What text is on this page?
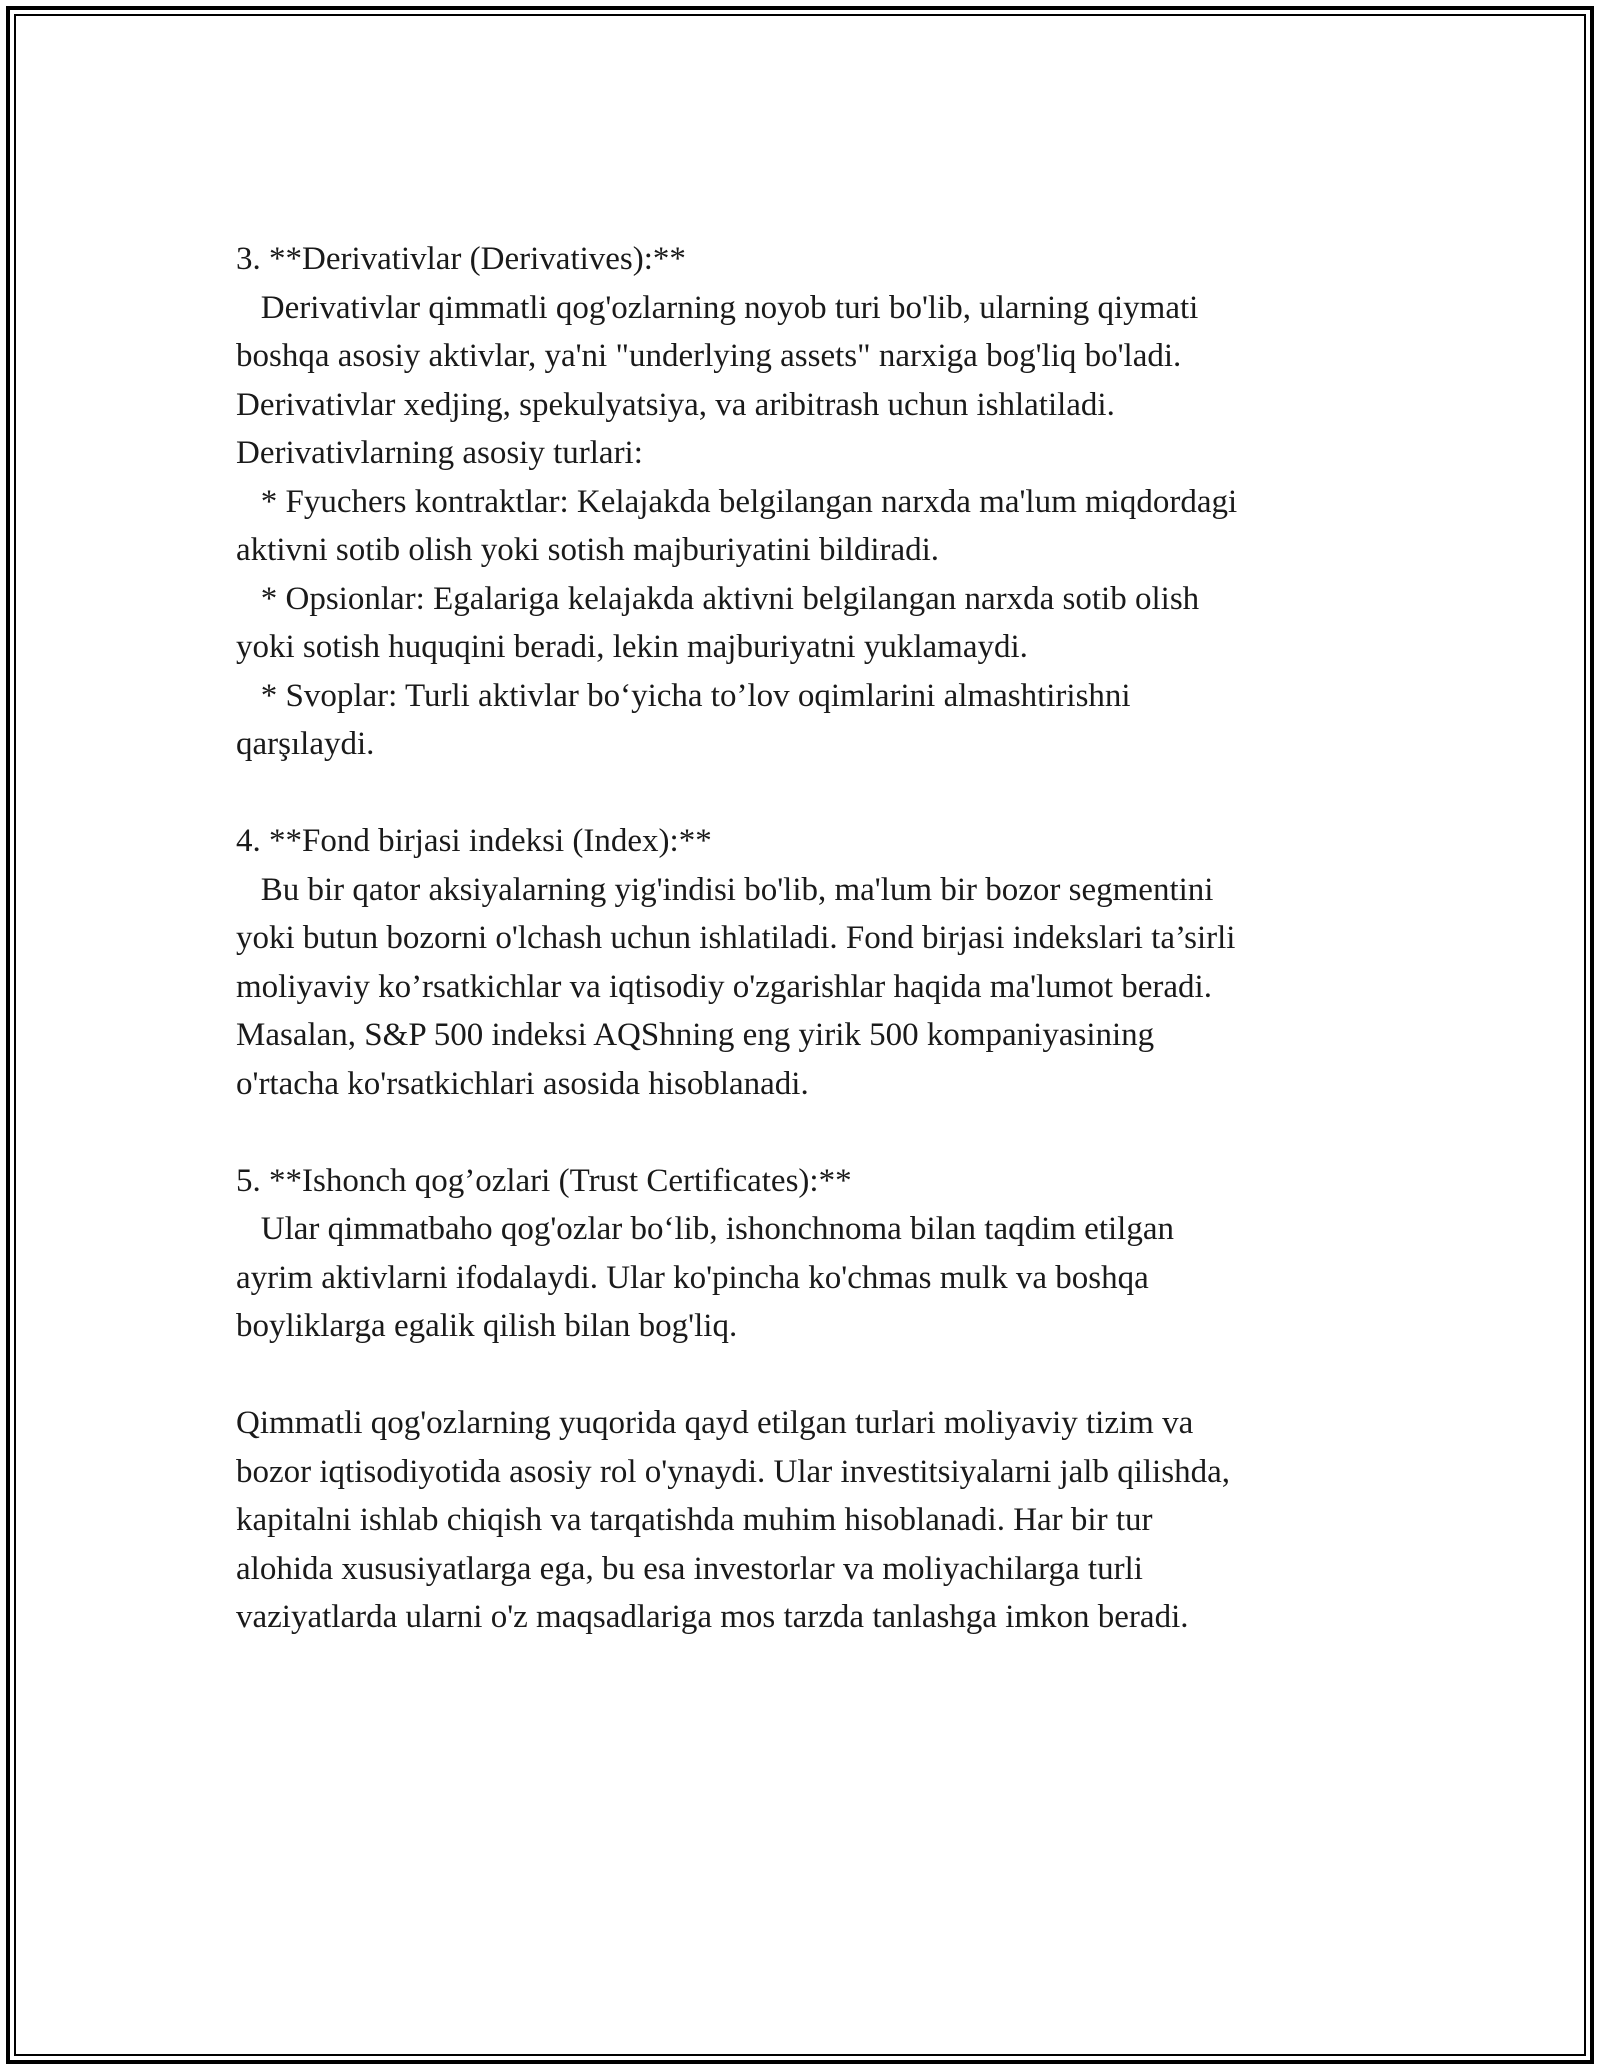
3. **Derivativlar (Derivatives):**
Derivativlar qimmatli qog'ozlarning noyob turi bo'lib, ularning qiymati
boshqa asosiy aktivlar, ya'ni "underlying assets" narxiga bog'liq bo'ladi.
Derivativlar xedjing, spekulyatsiya, va aribitrash uchun ishlatiladi.
Derivativlarning asosiy turlari:
* Fyuchers kontraktlar: Kelajakda belgilangan narxda ma'lum miqdordagi
aktivni sotib olish yoki sotish majburiyatini bildiradi.
* Opsionlar: Egalariga kelajakda aktivni belgilangan narxda sotib olish
yoki sotish huquqini beradi, lekin majburiyatni yuklamaydi.
* Svoplar: Turli aktivlar bo‘yicha to’lov oqimlarini almashtirishni
qarşılaydi.
4. **Fond birjasi indeksi (Index):**
Bu bir qator aksiyalarning yig'indisi bo'lib, ma'lum bir bozor segmentini
yoki butun bozorni o'lchash uchun ishlatiladi. Fond birjasi indekslari ta’sirli
moliyaviy ko’rsatkichlar va iqtisodiy o'zgarishlar haqida ma'lumot beradi.
Masalan, S&P 500 indeksi AQShning eng yirik 500 kompaniyasining
o'rtacha ko'rsatkichlari asosida hisoblanadi.
5. **Ishonch qog’ozlari (Trust Certificates):**
Ular qimmatbaho qog'ozlar bo‘lib, ishonchnoma bilan taqdim etilgan
ayrim aktivlarni ifodalaydi. Ular ko'pincha ko'chmas mulk va boshqa
boyliklarga egalik qilish bilan bog'liq.
Qimmatli qog'ozlarning yuqorida qayd etilgan turlari moliyaviy tizim va
bozor iqtisodiyotida asosiy rol o'ynaydi. Ular investitsiyalarni jalb qilishda,
kapitalni ishlab chiqish va tarqatishda muhim hisoblanadi. Har bir tur
alohida xususiyatlarga ega, bu esa investorlar va moliyachilarga turli
vaziyatlarda ularni o'z maqsadlariga mos tarzda tanlashga imkon beradi.
